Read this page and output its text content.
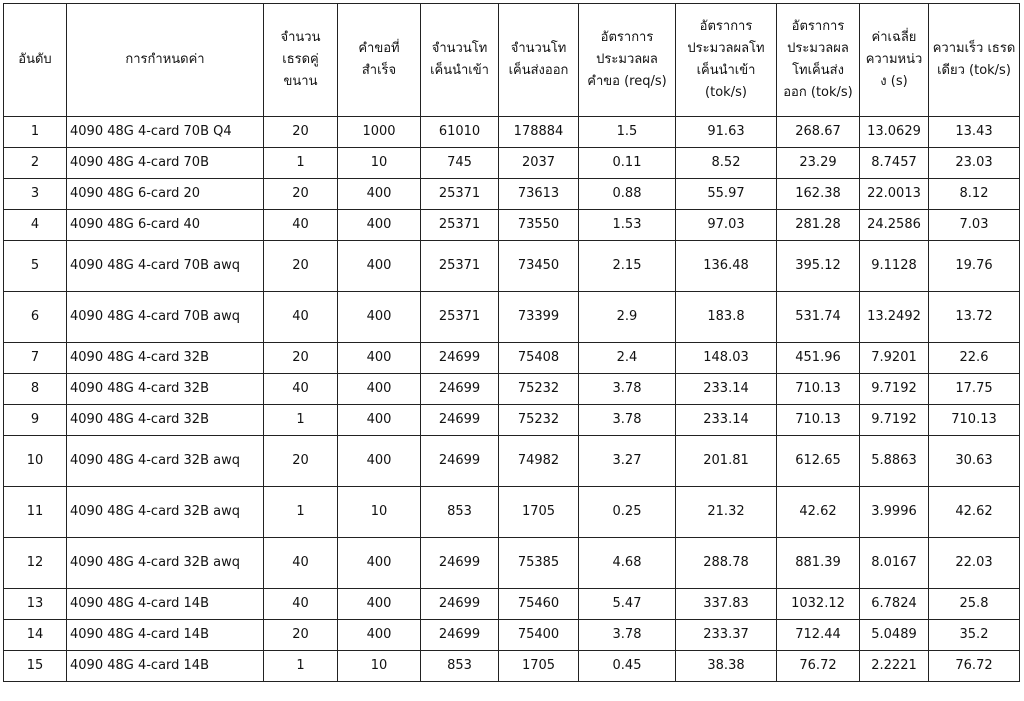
อันดับ	การกำหนดค่า	จำนวน เธรดคู่ ขนาน	คำขอที่ สำเร็จ	จำนวนโท เค็นนำเข้า	จำนวนโท เค็นส่งออก	อัตราการ ประมวลผล คำขอ (req/s)	อัตราการ ประมวลผลโท เค็นนำเข้า (tok/s)	อัตราการ ประมวลผล โทเค็นส่ง ออก (tok/s)	ค่าเฉลี่ย ความหน่ว ง (s)	ความเร็ว เธรดเดียว (tok/s)
1	4090 48G 4-card 70B Q4	20	1000	61010	178884	1.5	91.63	268.67	13.0629	13.43
2	4090 48G 4-card 70B	1	10	745	2037	0.11	8.52	23.29	8.7457	23.03
3	4090 48G 6-card 20	20	400	25371	73613	0.88	55.97	162.38	22.0013	8.12
4	4090 48G 6-card 40	40	400	25371	73550	1.53	97.03	281.28	24.2586	7.03
5	4090 48G 4-card 70B awq	20	400	25371	73450	2.15	136.48	395.12	9.1128	19.76
6	4090 48G 4-card 70B awq	40	400	25371	73399	2.9	183.8	531.74	13.2492	13.72
7	4090 48G 4-card 32B	20	400	24699	75408	2.4	148.03	451.96	7.9201	22.6
8	4090 48G 4-card 32B	40	400	24699	75232	3.78	233.14	710.13	9.7192	17.75
9	4090 48G 4-card 32B	1	400	24699	75232	3.78	233.14	710.13	9.7192	710.13
10	4090 48G 4-card 32B awq	20	400	24699	74982	3.27	201.81	612.65	5.8863	30.63
11	4090 48G 4-card 32B awq	1	10	853	1705	0.25	21.32	42.62	3.9996	42.62
12	4090 48G 4-card 32B awq	40	400	24699	75385	4.68	288.78	881.39	8.0167	22.03
13	4090 48G 4-card 14B	40	400	24699	75460	5.47	337.83	1032.12	6.7824	25.8
14	4090 48G 4-card 14B	20	400	24699	75400	3.78	233.37	712.44	5.0489	35.2
15	4090 48G 4-card 14B	1	10	853	1705	0.45	38.38	76.72	2.2221	76.72
